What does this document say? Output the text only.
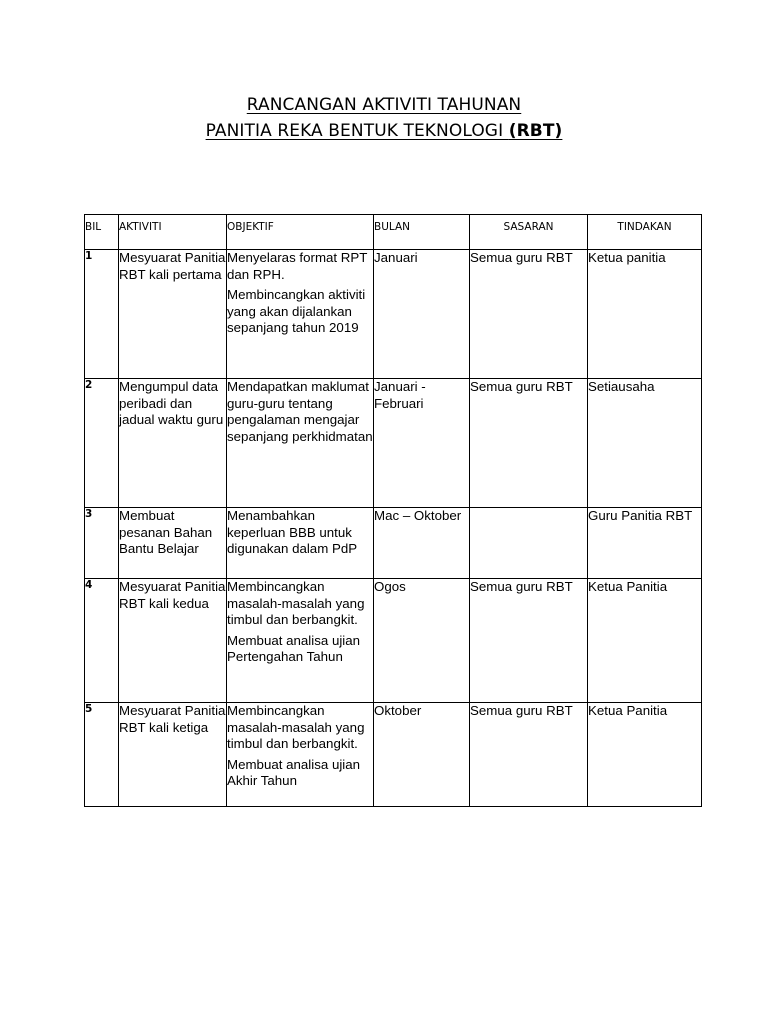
RANCANGAN AKTIVITI TAHUNAN
PANITIA REKA BENTUK TEKNOLOGI (RBT)
BIL	AKTIVITI	OBJEKTIF	BULAN	SASARAN	TINDAKAN
1	Mesyuarat Panitia RBT kali pertama	Menyelaras format RPT dan RPH.

Membincangkan aktiviti yang akan dijalankan sepanjang tahun 2019	Januari	Semua guru RBT	Ketua panitia
2	Mengumpul data peribadi dan jadual waktu guru	Mendapatkan maklumat guru-guru tentang pengalaman mengajar sepanjang perkhidmatan	Januari - Februari	Semua guru RBT	Setiausaha
3	Membuat pesanan Bahan Bantu Belajar	Menambahkan keperluan BBB untuk digunakan dalam PdP	Mac – Oktober		Guru Panitia RBT
4	Mesyuarat Panitia RBT kali kedua	Membincangkan masalah-masalah yang timbul dan berbangkit.

Membuat analisa ujian Pertengahan Tahun	Ogos	Semua guru RBT	Ketua Panitia
5	Mesyuarat Panitia RBT kali ketiga	Membincangkan masalah-masalah yang timbul dan berbangkit.

Membuat analisa ujian Akhir Tahun	Oktober	Semua guru RBT	Ketua Panitia
